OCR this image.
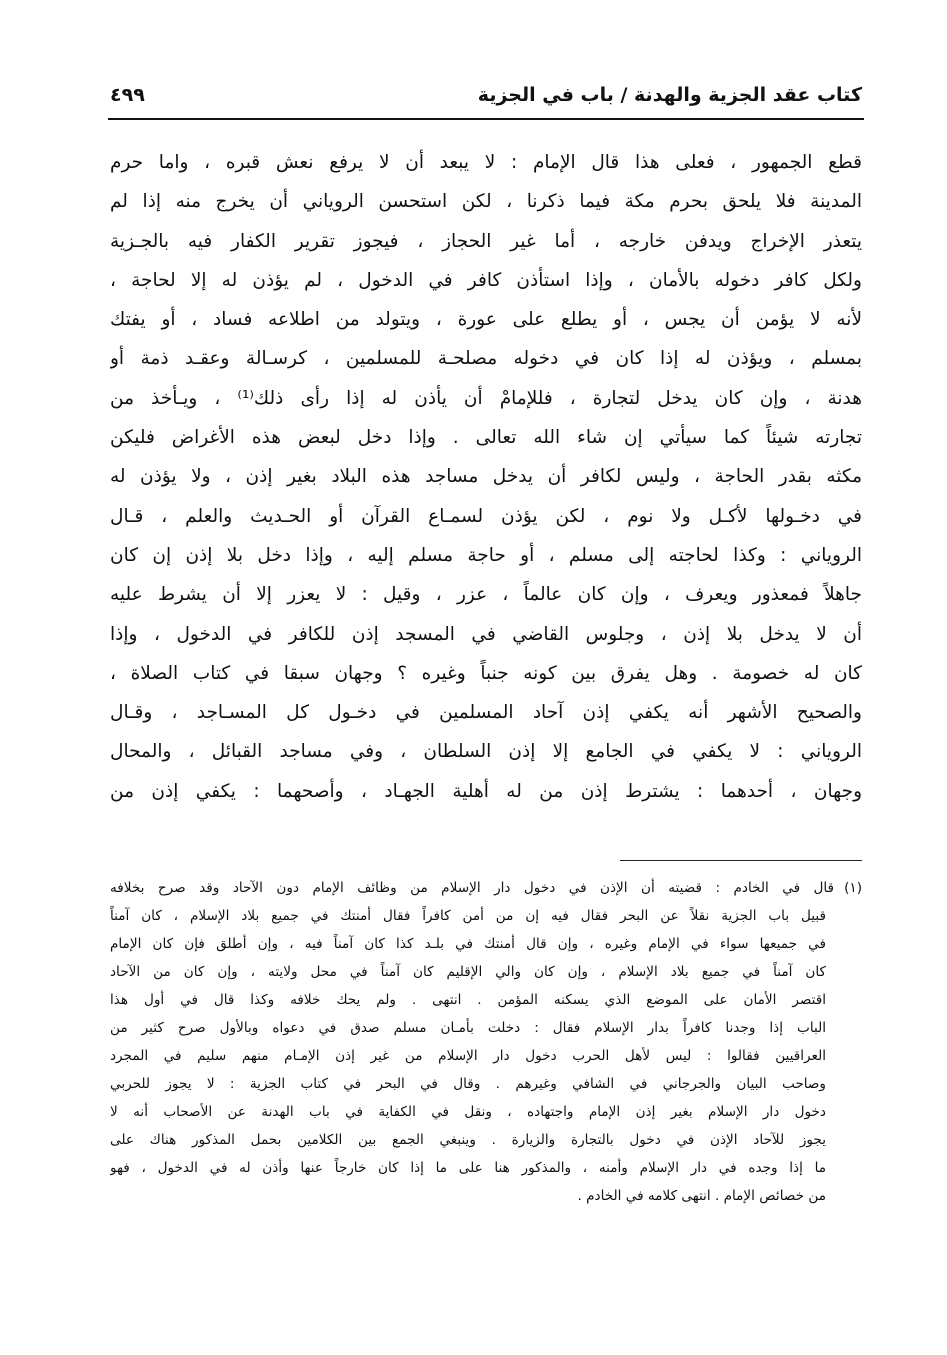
كتاب عقد الجزية والهدنة / باب في الجزية
٤٩٩
قطع الجمهور ، فعلى هذا قال الإمام : لا يبعد أن لا يرفع نعش قبره ، واما حرم
المدينة فلا يلحق بحرم مكة فيما ذكرنا ، لكن استحسن الروياني أن يخرج منه إذا لم
يتعذر الإخراج ويدفن خارجه ، أما غير الحجاز ، فيجوز تقرير الكفار فيه بالجـزية
ولكل كافر دخوله بالأمان ، وإذا استأذن كافر في الدخول ، لم يؤذن له إلا لحاجة ،
لأنه لا يؤمن أن يجس ، أو يطلع على عورة ، ويتولد من اطلاعه فساد ، أو يفتك
بمسلم ، ويؤذن له إذا كان في دخوله مصلحـة للمسلمين ، كرسـالة وعقـد ذمة أو
هدنة ، وإن كان يدخل لتجارة ، فللإمامْ أن يأذن له إذا رأى ذلك⁽¹⁾ ، ويـأخذ من
تجارته شيئاً كما سيأتي إن شاء الله تعالى . وإذا دخل لبعض هذه الأغراض فليكن
مكثه بقدر الحاجة ، وليس لكافر أن يدخل مساجد هذه البلاد بغير إذن ، ولا يؤذن له
في دخـولها لأكـل ولا نوم ، لكن يؤذن لسمـاع القرآن أو الحـديث والعلم ، قـال
الروياني : وكذا لحاجته إلى مسلم ، أو حاجة مسلم إليه ، وإذا دخل بلا إذن إن كان
جاهلاً فمعذور ويعرف ، وإن كان عالماً ، عزر ، وقيل : لا يعزر إلا أن يشرط عليه
أن لا يدخل بلا إذن ، وجلوس القاضي في المسجد إذن للكافر في الدخول ، وإذا
كان له خصومة . وهل يفرق بين كونه جنباً وغيره ؟ وجهان سبقا في كتاب الصلاة ،
والصحيح الأشهر أنه يكفي إذن آحاد المسلمين في دخـول كل المسـاجد ، وقـال
الروياني : لا يكفي في الجامع إلا إذن السلطان ، وفي مساجد القبائل ، والمحال
وجهان ، أحدهما : يشترط إذن من له أهلية الجهـاد ، وأصحهما : يكفي إذن من
(١)
قال في الخادم : قضيته أن الإذن في دخول دار الإسلام من وظائف الإمام دون الآحاد وقد صرح بخلافه
قبيل باب الجزية نقلاً عن البحر فقال فيه إن من أمن كافراً فقال أمنتك في جميع بلاد الإسلام ، كان آمناً
في جميعها سواء في الإمام وغيره ، وإن قال أمنتك في بلـد كذا كان آمناً فيه ، وإن أطلق فإن كان الإمام
كان آمناً في جميع بلاد الإسلام ، وإن كان والي الإقليم كان آمناً في محل ولايته ، وإن كان من الآحاد
اقتصر الأمان على الموضع الذي يسكنه المؤمن . انتهى . ولم يحك خلافه وكذا قال في أول هذا
الباب إذا وجدنا كافراً بدار الإسلام فقال : دخلت بأمـان مسلم صدق في دعواه وبالأول صرح كثير من
العراقيين فقالوا : ليس لأهل الحرب دخول دار الإسلام من غير إذن الإمـام منهم سليم في المجرد
وصاحب البيان والجرجاني في الشافي وغيرهم . وقال في البحر في كتاب الجزية : لا يجوز للحربي
دخول دار الإسلام بغير إذن الإمام واجتهاده ، ونقل في الكفاية في باب الهدنة عن الأصحاب أنه لا
يجوز للآحاد الإذن في دخول بالتجارة والزيارة . وينبغي الجمع بين الكلامين بحمل المذكور هناك على
ما إذا وجده في دار الإسلام وأمنه ، والمذكور هنا على ما إذا كان خارجاً عنها وأذن له في الدخول ، فهو
من خصائص الإمام . انتهى كلامه في الخادم .
